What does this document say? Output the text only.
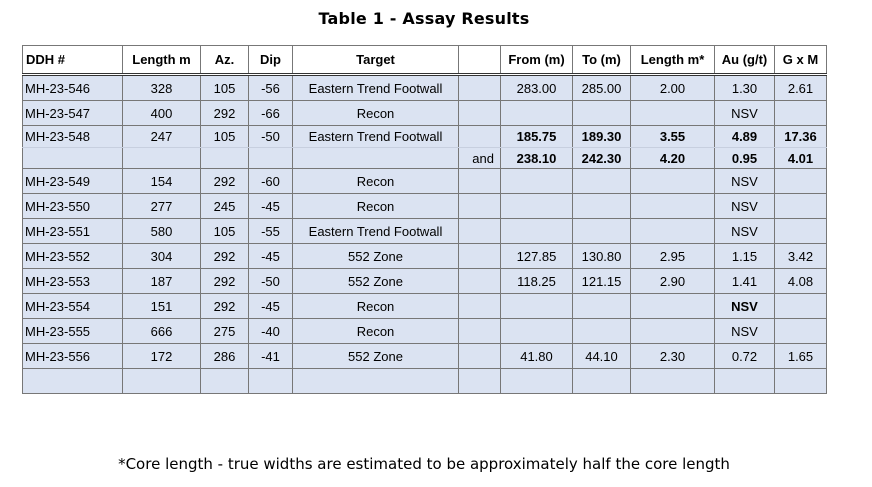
Table 1 - Assay Results
DDH #	Length m	Az.	Dip	Target		From (m)	To (m)	Length m*	Au (g/t)	G x M
MH-23-546	328	105	-56	Eastern Trend Footwall		283.00	285.00	2.00	1.30	2.61
MH-23-547	400	292	-66	Recon					NSV	
MH-23-548	247	105	-50	Eastern Trend Footwall		185.75	189.30	3.55	4.89	17.36
					and	238.10	242.30	4.20	0.95	4.01
MH-23-549	154	292	-60	Recon					NSV	
MH-23-550	277	245	-45	Recon					NSV	
MH-23-551	580	105	-55	Eastern Trend Footwall					NSV	
MH-23-552	304	292	-45	552 Zone		127.85	130.80	2.95	1.15	3.42
MH-23-553	187	292	-50	552 Zone		118.25	121.15	2.90	1.41	4.08
MH-23-554	151	292	-45	Recon					NSV	
MH-23-555	666	275	-40	Recon					NSV	
MH-23-556	172	286	-41	552 Zone		41.80	44.10	2.30	0.72	1.65

*Core length - true widths are estimated to be approximately half the core length
